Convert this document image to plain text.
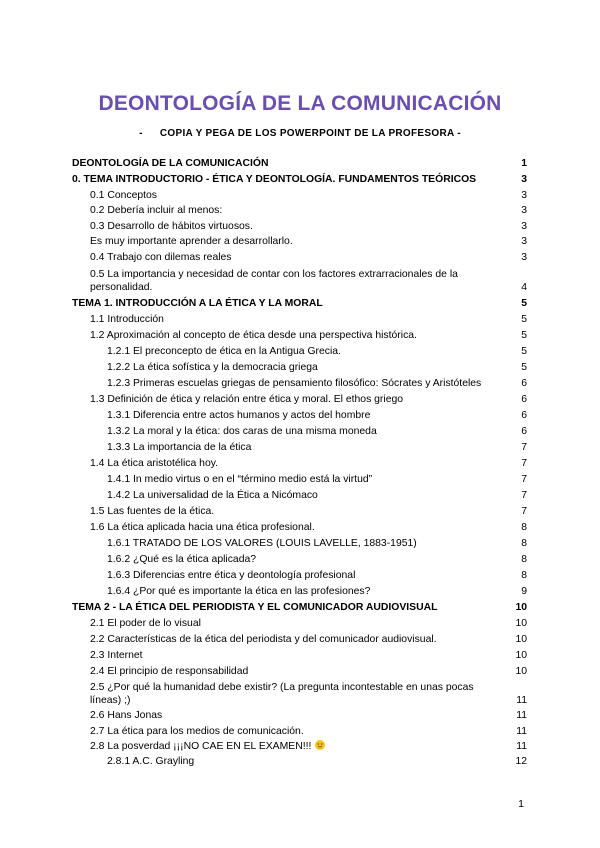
DEONTOLOGÍA DE LA COMUNICACIÓN
- COPIA Y PEGA DE LOS POWERPOINT DE LA PROFESORA -
DEONTOLOGÍA DE LA COMUNICACIÓN	1
0. TEMA INTRODUCTORIO - ÉTICA Y DEONTOLOGÍA. FUNDAMENTOS TEÓRICOS	3
0.1 Conceptos	3
0.2 Debería incluir al menos:	3
0.3 Desarrollo de hábitos virtuosos.	3
Es muy importante aprender a desarrollarlo.	3
0.4 Trabajo con dilemas reales	3
0.5 La importancia y necesidad de contar con los factores extrarracionales de la personalidad.	4
TEMA 1. INTRODUCCIÓN A LA ÉTICA Y LA MORAL	5
1.1 Introducción	5
1.2 Aproximación al concepto de ética desde una perspectiva histórica.	5
1.2.1 El preconcepto de ética en la Antigua Grecia.	5
1.2.2 La ética sofística y la democracia griega	5
1.2.3 Primeras escuelas griegas de pensamiento filosófico: Sócrates y Aristóteles	6
1.3 Definición de ética y relación entre ética y moral. El ethos griego	6
1.3.1 Diferencia entre actos humanos y actos del hombre	6
1.3.2 La moral y la ética: dos caras de una misma moneda	6
1.3.3 La importancia de la ética	7
1.4 La ética aristotélica hoy.	7
1.4.1 In medio virtus o en el “término medio está la virtud”	7
1.4.2 La universalidad de la Ética a Nicómaco	7
1.5 Las fuentes de la ética.	7
1.6 La ética aplicada hacia una ética profesional.	8
1.6.1 TRATADO DE LOS VALORES (LOUIS LAVELLE, 1883-1951)	8
1.6.2 ¿Qué es la ética aplicada?	8
1.6.3 Diferencias entre ética y deontología profesional	8
1.6.4 ¿Por qué es importante la ética en las profesiones?	9
TEMA 2 - LA ÉTICA DEL PERIODISTA Y EL COMUNICADOR AUDIOVISUAL	10
2.1 El poder de lo visual	10
2.2 Características de la ética del periodista y del comunicador audiovisual.	10
2.3 Internet	10
2.4 El principio de responsabilidad	10
2.5 ¿Por qué la humanidad debe existir? (La pregunta incontestable en unas pocas líneas) ;)	11
2.6 Hans Jonas	11
2.7 La ética para los medios de comunicación.	11
2.8 La posverdad ¡¡¡NO CAE EN EL EXAMEN!!!	11
2.8.1 A.C. Grayling	12
1
